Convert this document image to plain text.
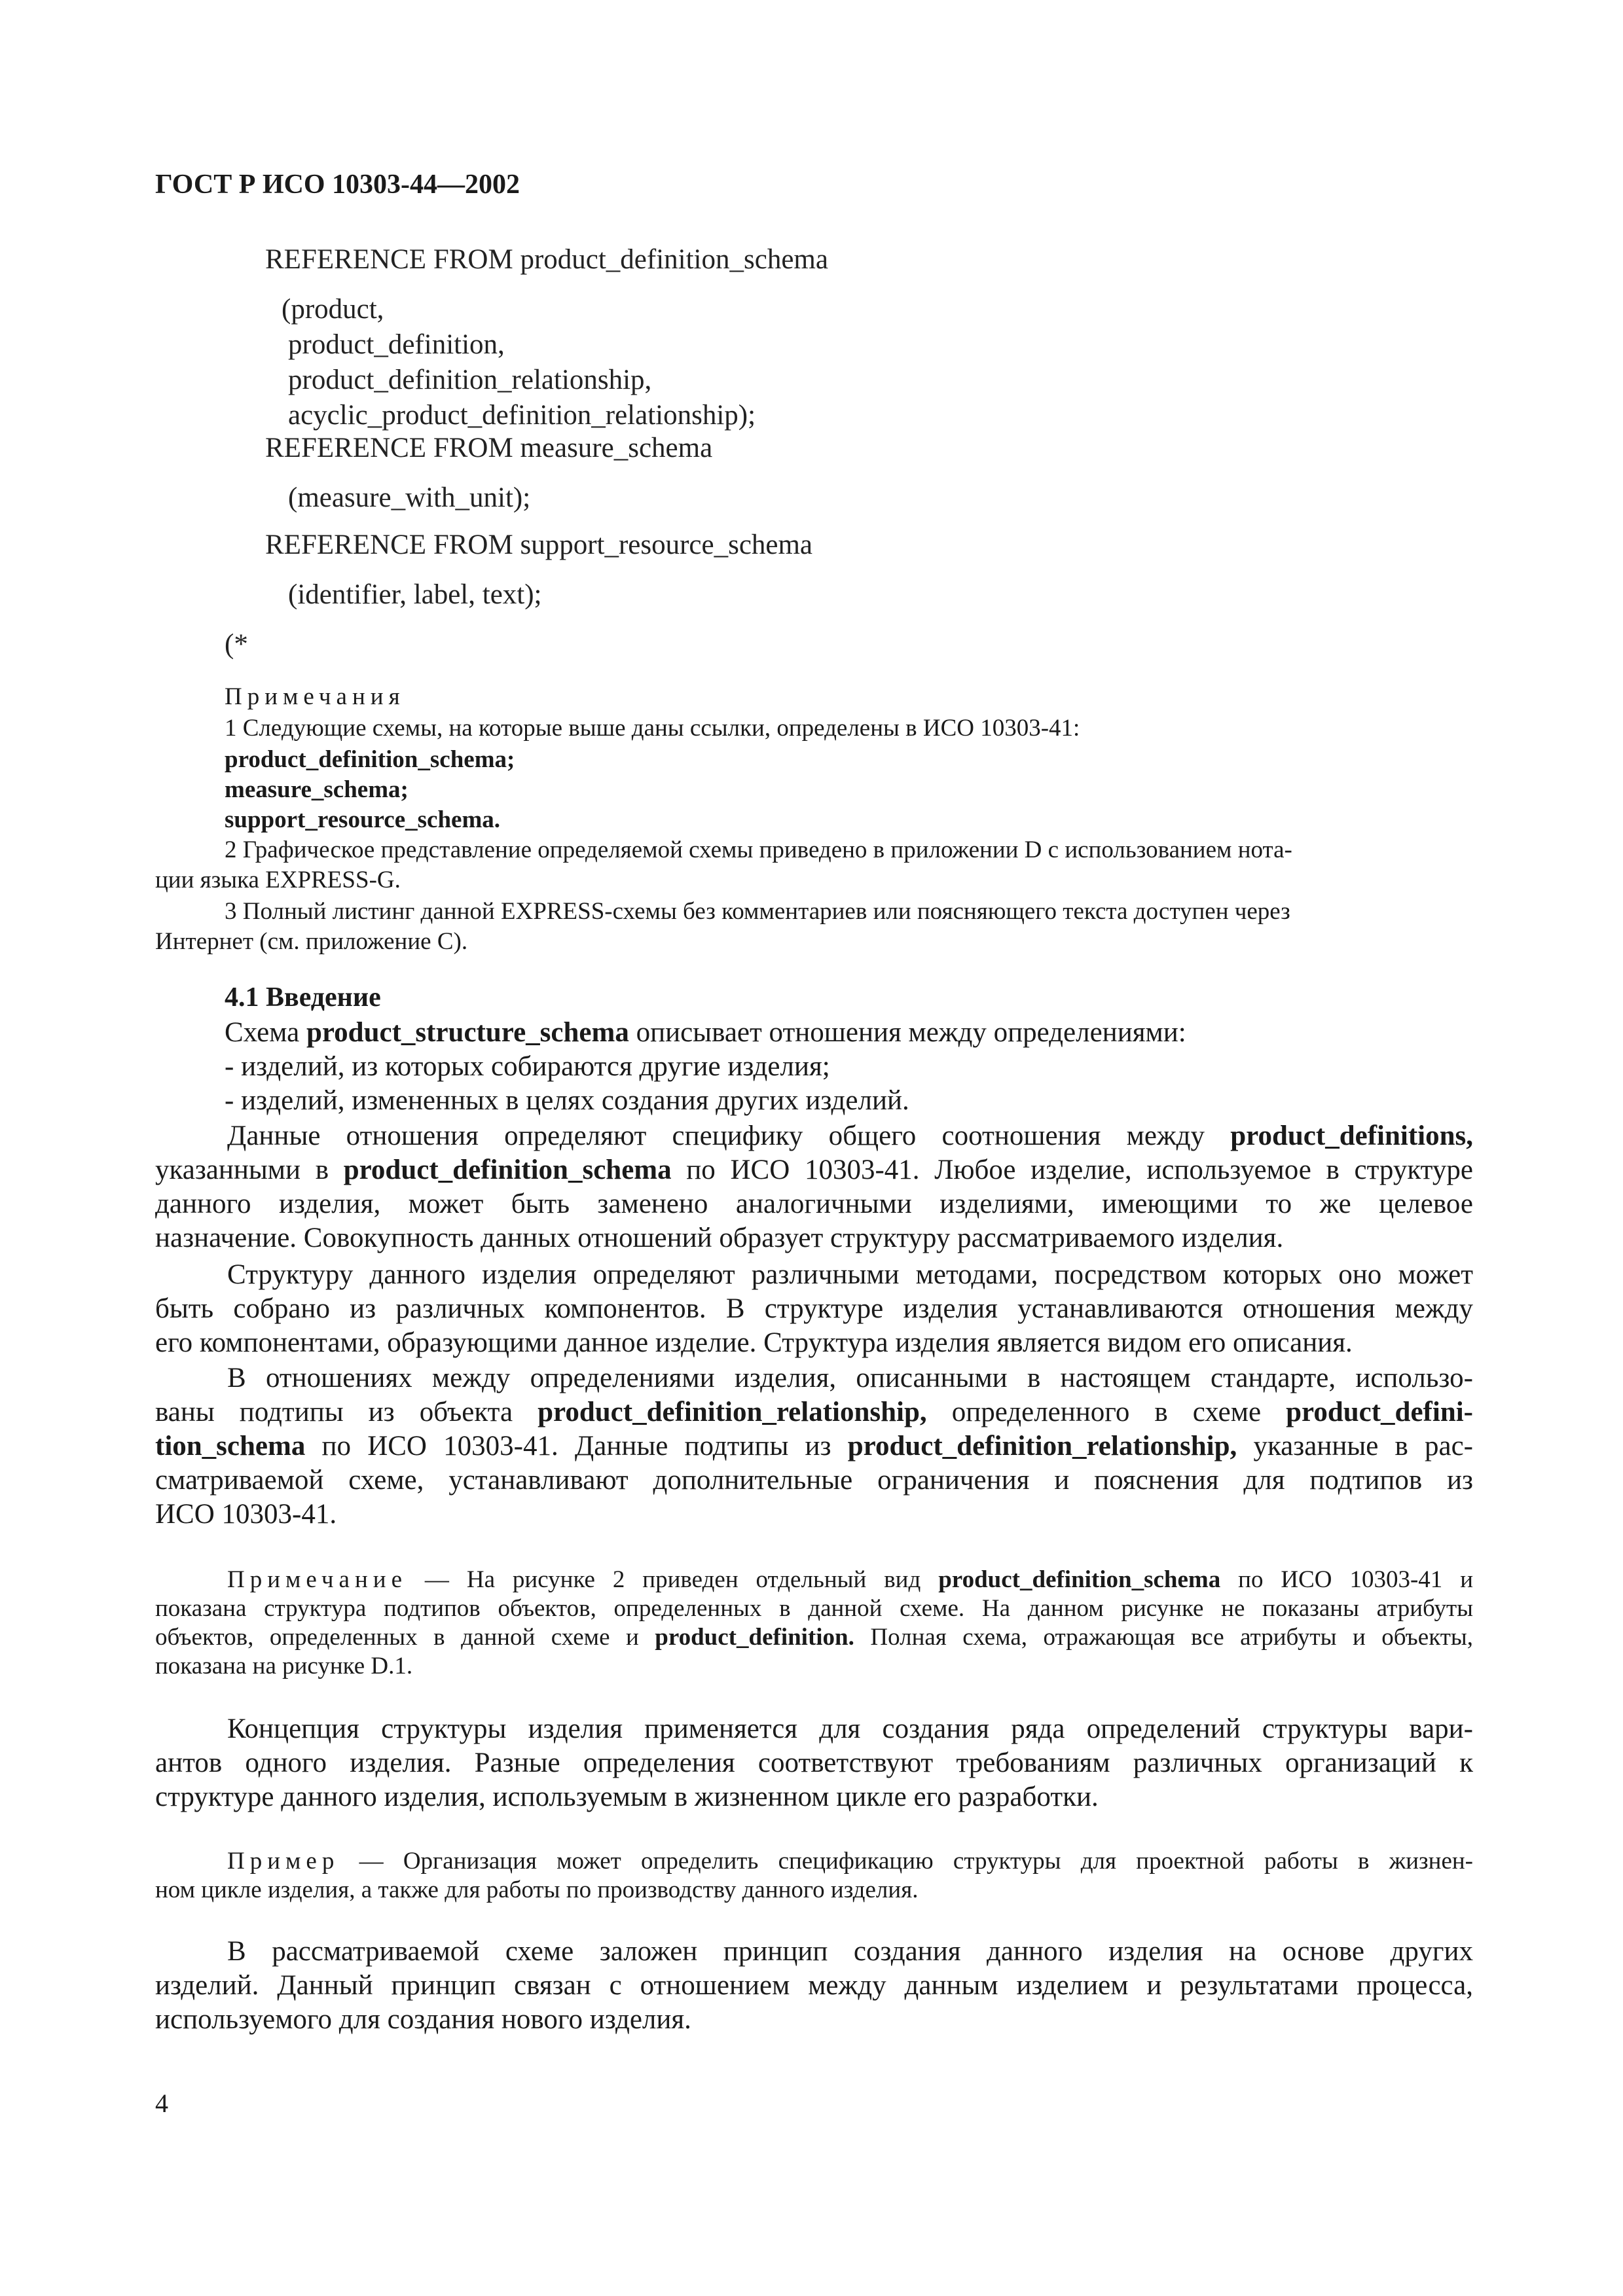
ГОСТ Р ИСО 10303-44—2002
REFERENCE FROM product_definition_schema
(product,
product_definition,
product_definition_relationship,
acyclic_product_definition_relationship);
REFERENCE FROM measure_schema
(measure_with_unit);
REFERENCE FROM support_resource_schema
(identifier, label, text);
(*
Примечания
1 Следующие схемы, на которые выше даны ссылки, определены в ИСО 10303-41:
product_definition_schema;
measure_schema;
support_resource_schema.
2 Графическое представление определяемой схемы приведено в приложении D с использованием нота-
ции языка EXPRESS-G.
3 Полный листинг данной EXPRESS-схемы без комментариев или поясняющего текста доступен через
Интернет (см. приложение С).
4.1 Введение
Схема product_structure_schema описывает отношения между определениями:
- изделий, из которых собираются другие изделия;
- изделий, измененных в целях создания других изделий.
Данные отношения определяют специфику общего соотношения между product_definitions,
указанными в product_definition_schema по ИСО 10303-41. Любое изделие, используемое в структуре
данного изделия, может быть заменено аналогичными изделиями, имеющими то же целевое
назначение. Совокупность данных отношений образует структуру рассматриваемого изделия.
Структуру данного изделия определяют различными методами, посредством которых оно может
быть собрано из различных компонентов. В структуре изделия устанавливаются отношения между
его компонентами, образующими данное изделие. Структура изделия является видом его описания.
В отношениях между определениями изделия, описанными в настоящем стандарте, использо-
ваны подтипы из объекта product_definition_relationship, определенного в схеме product_defini-
tion_schema по ИСО 10303-41. Данные подтипы из product_definition_relationship, указанные в рас-
сматриваемой схеме, устанавливают дополнительные ограничения и пояснения для подтипов из
ИСО 10303-41.
Примечание — На рисунке 2 приведен отдельный вид product_definition_schema по ИСО 10303-41 и
показана структура подтипов объектов, определенных в данной схеме. На данном рисунке не показаны атрибуты
объектов, определенных в данной схеме и product_definition. Полная схема, отражающая все атрибуты и объекты,
показана на рисунке D.1.
Концепция структуры изделия применяется для создания ряда определений структуры вари-
антов одного изделия. Разные определения соответствуют требованиям различных организаций к
структуре данного изделия, используемым в жизненном цикле его разработки.
Пример — Организация может определить спецификацию структуры для проектной работы в жизнен-
ном цикле изделия, а также для работы по производству данного изделия.
В рассматриваемой схеме заложен принцип создания данного изделия на основе других
изделий. Данный принцип связан с отношением между данным изделием и результатами процесса,
используемого для создания нового изделия.
4
